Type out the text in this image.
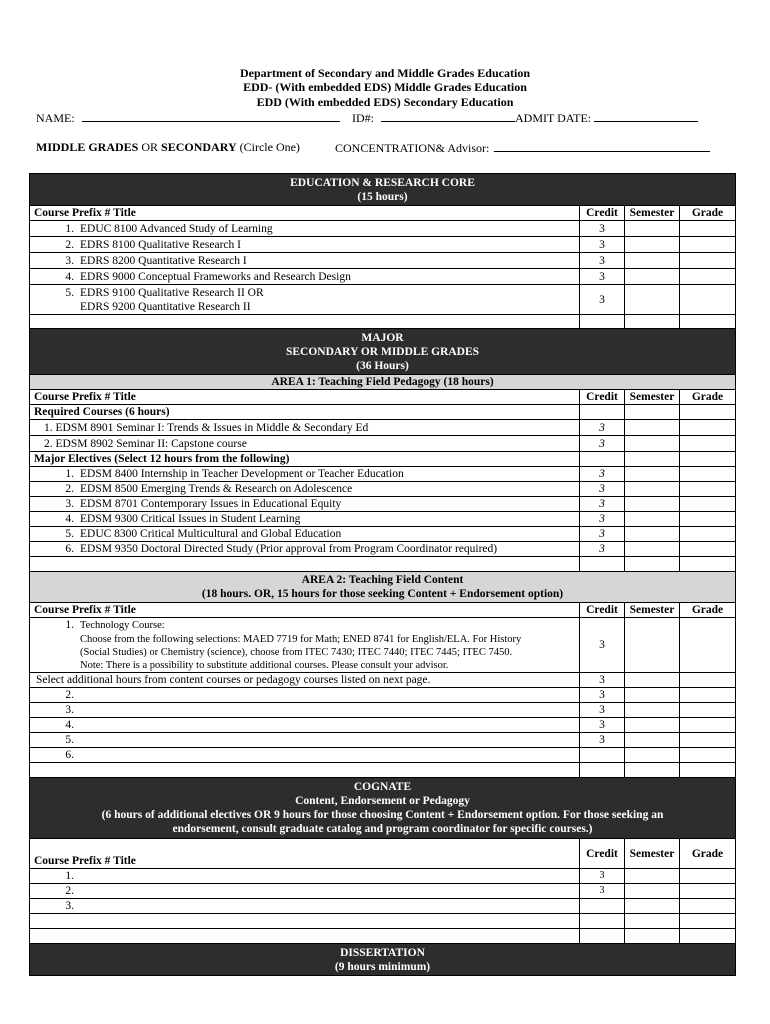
Department of Secondary and Middle Grades Education
EDD- (With embedded EDS) Middle Grades Education
EDD (With embedded EDS) Secondary Education
NAME:	ID#:	ADMIT DATE:
MIDDLE GRADES OR SECONDARY (Circle One)	CONCENTRATION& Advisor:
EDUCATION & RESEARCH CORE
(15 hours)			

Course Prefix # Title	Credit	Semester	Grade
1. EDUC 8100 Advanced Study of Learning	3		
2. EDRS 8100 Qualitative Research I	3		
3. EDRS 8200 Quantitative Research I	3		
4. EDRS 9000 Conceptual Frameworks and Research Design	3		

5. EDRS 9100 Qualitative Research II OR
EDRS 9200 Quantitative Research II	3		

MAJOR
SECONDARY OR MIDDLE GRADES
(36 Hours)			

AREA 1: Teaching Field Pedagogy (18 hours)			
Course Prefix # Title	Credit	Semester	Grade
Required Courses (6 hours)			
1. EDSM 8901 Seminar I: Trends & Issues in Middle & Secondary Ed	3		
2. EDSM 8902 Seminar II: Capstone course	3		
Major Electives (Select 12 hours from the following)			
1. EDSM 8400 Internship in Teacher Development or Teacher Education	3		
2. EDSM 8500 Emerging Trends & Research on Adolescence	3		
3. EDSM 8701 Contemporary Issues in Educational Equity	3		
4. EDSM 9300 Critical Issues in Student Learning	3		
5. EDUC 8300 Critical Multicultural and Global Education	3		
6. EDSM 9350 Doctoral Directed Study (Prior approval from Program Coordinator required)	3		

AREA 2: Teaching Field Content
(18 hours. OR, 15 hours for those seeking Content + Endorsement option)			

Course Prefix # Title	Credit	Semester	Grade

1. Technology Course:
Choose from the following selections: MAED 7719 for Math; ENED 8741 for English/ELA. For History
(Social Studies) or Chemistry (science), choose from ITEC 7430; ITEC 7440; ITEC 7445; ITEC 7450.
Note: There is a possibility to substitute additional courses. Please consult your advisor.	3		
Select additional hours from content courses or pedagogy courses listed on next page.	3		
2.	3		
3.	3		
4.	3		
5.	3		
6.			

COGNATE
Content, Endorsement or Pedagogy
(6 hours of additional electives OR 9 hours for those choosing Content + Endorsement option. For those seeking an endorsement, consult graduate catalog and program coordinator for specific courses.)			

Course Prefix # Title	Credit	Semester	Grade
1.	3		
2.	3		
3.			

DISSERTATION
(9 hours minimum)			
